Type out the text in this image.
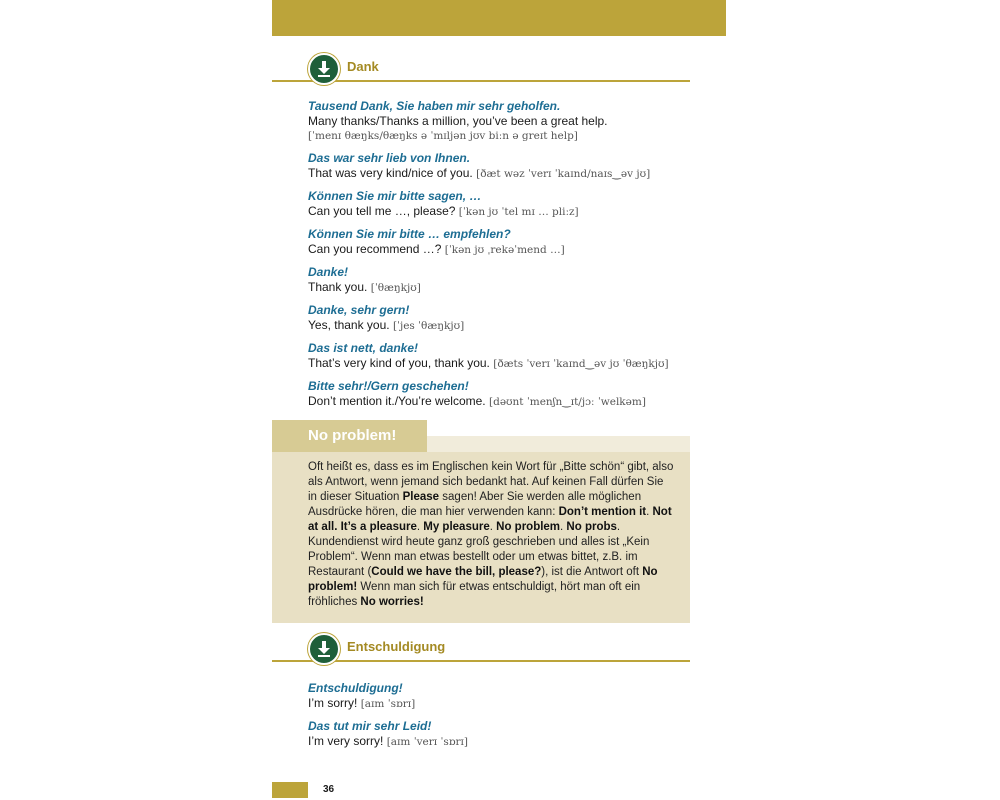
Dank
Tausend Dank, Sie haben mir sehr geholfen.
Many thanks/Thanks a million, you’ve been a great help.
[ˈmenɪ θæŋks/θæŋks ə ˈmɪljən jʊv biːn ə greɪt help]
Das war sehr lieb von Ihnen.
That was very kind/nice of you. [ðæt wəz ˈverɪ ˈkaɪnd/naɪs‿əv jʊ]
Können Sie mir bitte sagen, …
Can you tell me …, please? [ˈkən jʊ ˈtel mɪ … pliːz]
Können Sie mir bitte … empfehlen?
Can you recommend …? [ˈkən jʊ ˌrekəˈmend …]
Danke!
Thank you. [ˈθæŋkjʊ]
Danke, sehr gern!
Yes, thank you. [ˈjes ˈθæŋkjʊ]
Das ist nett, danke!
That’s very kind of you, thank you. [ðæts ˈverɪ ˈkaɪnd‿əv jʊ ˈθæŋkjʊ]
Bitte sehr!/Gern geschehen!
Don’t mention it./You’re welcome. [dəʊnt ˈmenʃn‿ɪt/jɔː ˈwelkəm]
No problem!
Oft heißt es, dass es im Englischen kein Wort für „Bitte schön“ gibt, also als Antwort, wenn jemand sich bedankt hat. Auf keinen Fall dürfen Sie in dieser Situation Please sagen! Aber Sie werden alle möglichen Ausdrücke hören, die man hier verwenden kann: Don’t mention it. Not at all. It’s a pleasure. My pleasure. No problem. No probs. Kundendienst wird heute ganz groß geschrieben und alles ist „Kein Problem“. Wenn man etwas bestellt oder um etwas bittet, z.B. im Restaurant (Could we have the bill, please?), ist die Antwort oft No problem! Wenn man sich für etwas entschuldigt, hört man oft ein fröhliches No worries!
Entschuldigung
Entschuldigung!
I’m sorry! [aɪm ˈsɒrɪ]
Das tut mir sehr Leid!
I’m very sorry! [aɪm ˈverɪ ˈsɒrɪ]
36
